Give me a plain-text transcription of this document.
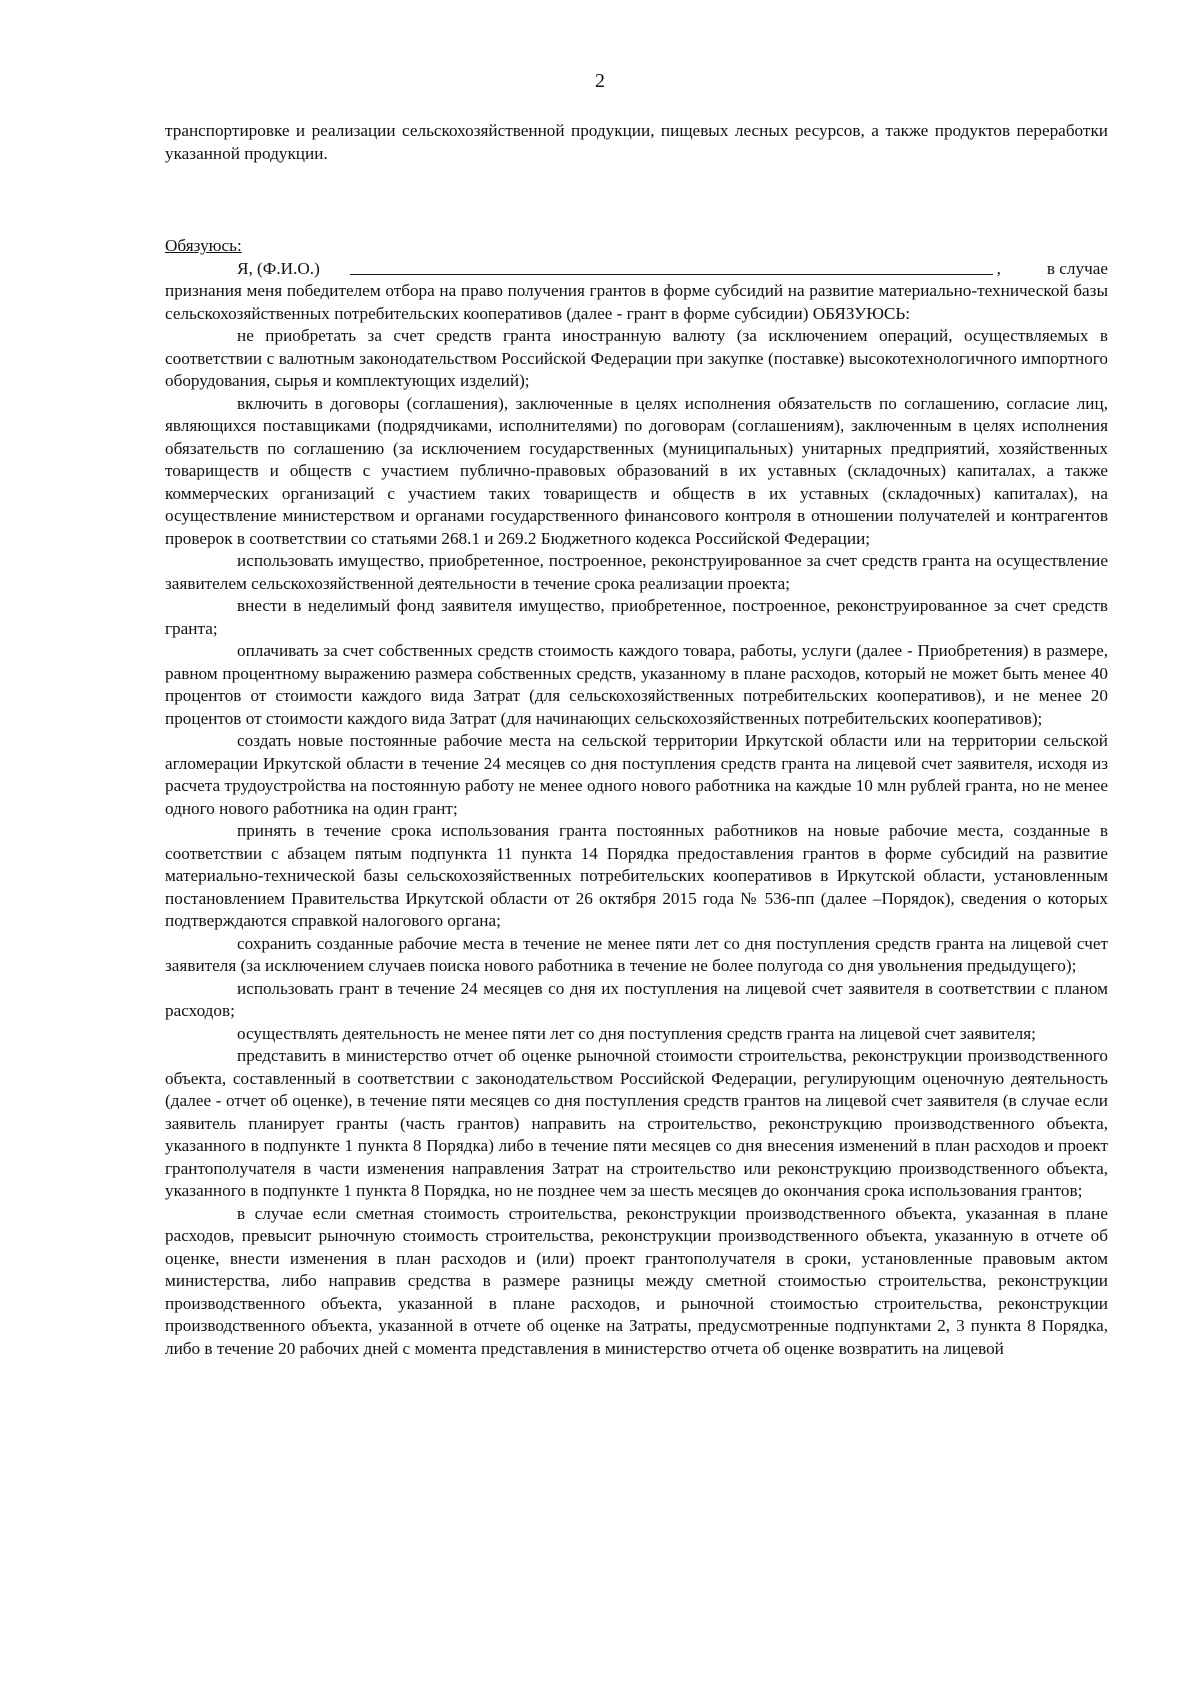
2

транспортировке и реализации сельскохозяйственной продукции, пищевых лесных ресурсов, а также продуктов переработки указанной продукции.

Обязуюсь:

Я, (Ф.И.О.)	,	в случае

признания меня победителем отбора на право получения грантов в форме субсидий на развитие материально-технической базы сельскохозяйственных потребительских кооперативов (далее - грант в форме субсидии) ОБЯЗУЮСЬ:

не приобретать за счет средств гранта иностранную валюту (за исключением операций, осуществляемых в соответствии с валютным законодательством Российской Федерации при закупке (поставке) высокотехнологичного импортного оборудования, сырья и комплектующих изделий);

включить в договоры (соглашения), заключенные в целях исполнения обязательств по соглашению, согласие лиц, являющихся поставщиками (подрядчиками, исполнителями) по договорам (соглашениям), заключенным в целях исполнения обязательств по соглашению (за исключением государственных (муниципальных) унитарных предприятий, хозяйственных товариществ и обществ с участием публично-правовых образований в их уставных (складочных) капиталах, а также коммерческих организаций с участием таких товариществ и обществ в их уставных (складочных) капиталах), на осуществление министерством и органами государственного финансового контроля в отношении получателей и контрагентов проверок в соответствии со статьями 268.1 и 269.2 Бюджетного кодекса Российской Федерации;

использовать имущество, приобретенное, построенное, реконструированное за счет средств гранта на осуществление заявителем сельскохозяйственной деятельности в течение срока реализации проекта;

внести в неделимый фонд заявителя имущество, приобретенное, построенное, реконструированное за счет средств гранта;

оплачивать за счет собственных средств стоимость каждого товара, работы, услуги (далее - Приобретения) в размере, равном процентному выражению размера собственных средств, указанному в плане расходов, который не может быть менее 40 процентов от стоимости каждого вида Затрат (для сельскохозяйственных потребительских кооперативов), и не менее 20 процентов от стоимости каждого вида Затрат (для начинающих сельскохозяйственных потребительских кооперативов);

создать новые постоянные рабочие места на сельской территории Иркутской области или на территории сельской агломерации Иркутской области в течение 24 месяцев со дня поступления средств гранта на лицевой счет заявителя, исходя из расчета трудоустройства на постоянную работу не менее одного нового работника на каждые 10 млн рублей гранта, но не менее одного нового работника на один грант;

принять в течение срока использования гранта постоянных работников на новые рабочие места, созданные в соответствии с абзацем пятым подпункта 11 пункта 14 Порядка предоставления грантов в форме субсидий на развитие материально-технической базы сельскохозяйственных потребительских кооперативов в Иркутской области, установленным постановлением Правительства Иркутской области от 26 октября 2015 года № 536-пп (далее –Порядок), сведения о которых подтверждаются справкой налогового органа;

сохранить созданные рабочие места в течение не менее пяти лет со дня поступления средств гранта на лицевой счет заявителя (за исключением случаев поиска нового работника в течение не более полугода со дня увольнения предыдущего);

использовать грант в течение 24 месяцев со дня их поступления на лицевой счет заявителя в соответствии с планом расходов;

осуществлять деятельность не менее пяти лет со дня поступления средств гранта на лицевой счет заявителя;

представить в министерство отчет об оценке рыночной стоимости строительства, реконструкции производственного объекта, составленный в соответствии с законодательством Российской Федерации, регулирующим оценочную деятельность (далее - отчет об оценке), в течение пяти месяцев со дня поступления средств грантов на лицевой счет заявителя (в случае если заявитель планирует гранты (часть грантов) направить на строительство, реконструкцию производственного объекта, указанного в подпункте 1 пункта 8 Порядка) либо в течение пяти месяцев со дня внесения изменений в план расходов и проект грантополучателя в части изменения направления Затрат на строительство или реконструкцию производственного объекта, указанного в подпункте 1 пункта 8 Порядка, но не позднее чем за шесть месяцев до окончания срока использования грантов;

в случае если сметная стоимость строительства, реконструкции производственного объекта, указанная в плане расходов, превысит рыночную стоимость строительства, реконструкции производственного объекта, указанную в отчете об оценке, внести изменения в план расходов и (или) проект грантополучателя в сроки, установленные правовым актом министерства, либо направив средства в размере разницы между сметной стоимостью строительства, реконструкции производственного объекта, указанной в плане расходов, и рыночной стоимостью строительства, реконструкции производственного объекта, указанной в отчете об оценке на Затраты, предусмотренные подпунктами 2, 3 пункта 8 Порядка, либо в течение 20 рабочих дней с момента представления в министерство отчета об оценке возвратить на лицевой
